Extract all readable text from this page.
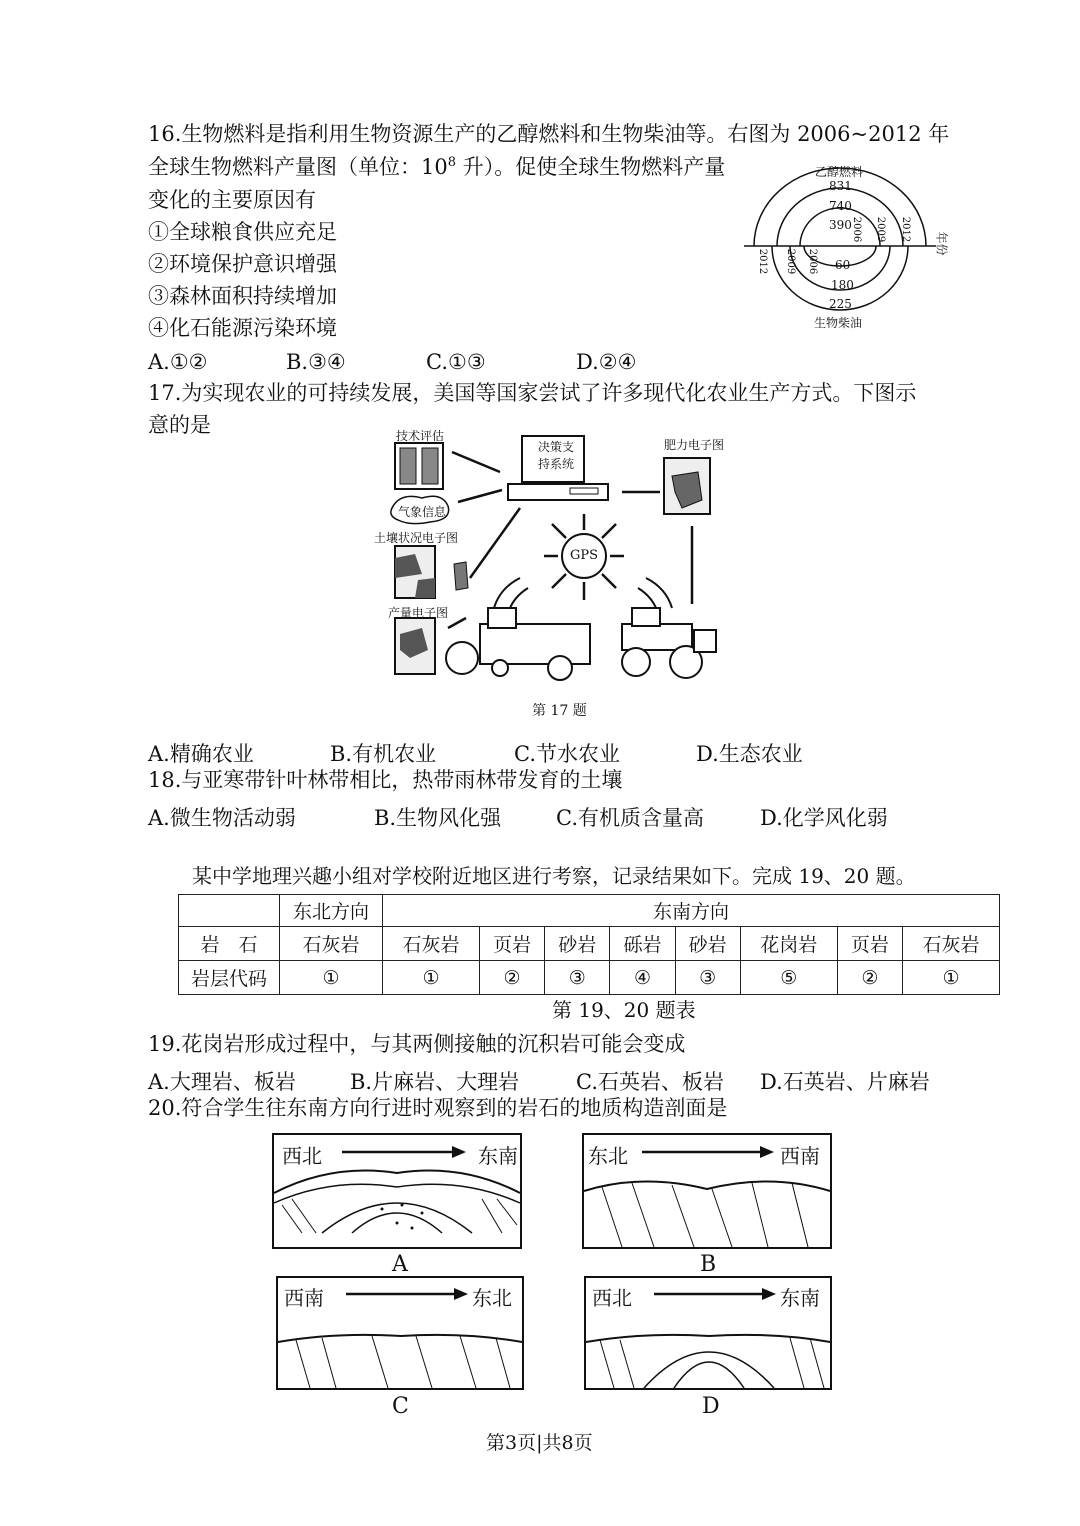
16.生物燃料是指利用生物资源生产的乙醇燃料和生物柴油等。右图为 2006~2012 年
全球生物燃料产量图（单位：$10^8$ 升）。促使全球生物燃料产量
变化的主要原因有
①全球粮食供应充足
②环境保护意识增强
③森林面积持续增加
④化石能源污染环境
A.①②	B.③④	C.①③	D.②④
乙醇燃料
831
740
390
60
180
225
生物柴油
年份
2006 2009 2012
2012 2009 2006
17.为实现农业的可持续发展，美国等国家尝试了许多现代化农业生产方式。下图示
意的是	技术评估
决策支
持系统
肥力电子图
气象信息
土壤状况电子图
GPS
产量电子图
第 17 题
A.精确农业	B.有机农业	C.节水农业	D.生态农业
18.与亚寒带针叶林带相比，热带雨林带发育的土壤
A.微生物活动弱	B.生物风化强	C.有机质含量高	D.化学风化弱
某中学地理兴趣小组对学校附近地区进行考察，记录结果如下。完成 19、20 题。
	东北方向	东南方向							
岩　石	石灰岩	石灰岩	页岩	砂岩	砾岩	砂岩	花岗岩	页岩	石灰岩
岩层代码	①	①	②	③	④	③	⑤	②	①
第 19、20 题表
19.花岗岩形成过程中，与其两侧接触的沉积岩可能会变成
A.大理岩、板岩	B.片麻岩、大理岩	C.石英岩、板岩 D.石英岩、片麻岩
20.符合学生往东南方向行进时观察到的岩石的地质构造剖面是
西北	东南	东北	西南
西南	东北	西北	东南
A	B
C	D
第3页|共8页
